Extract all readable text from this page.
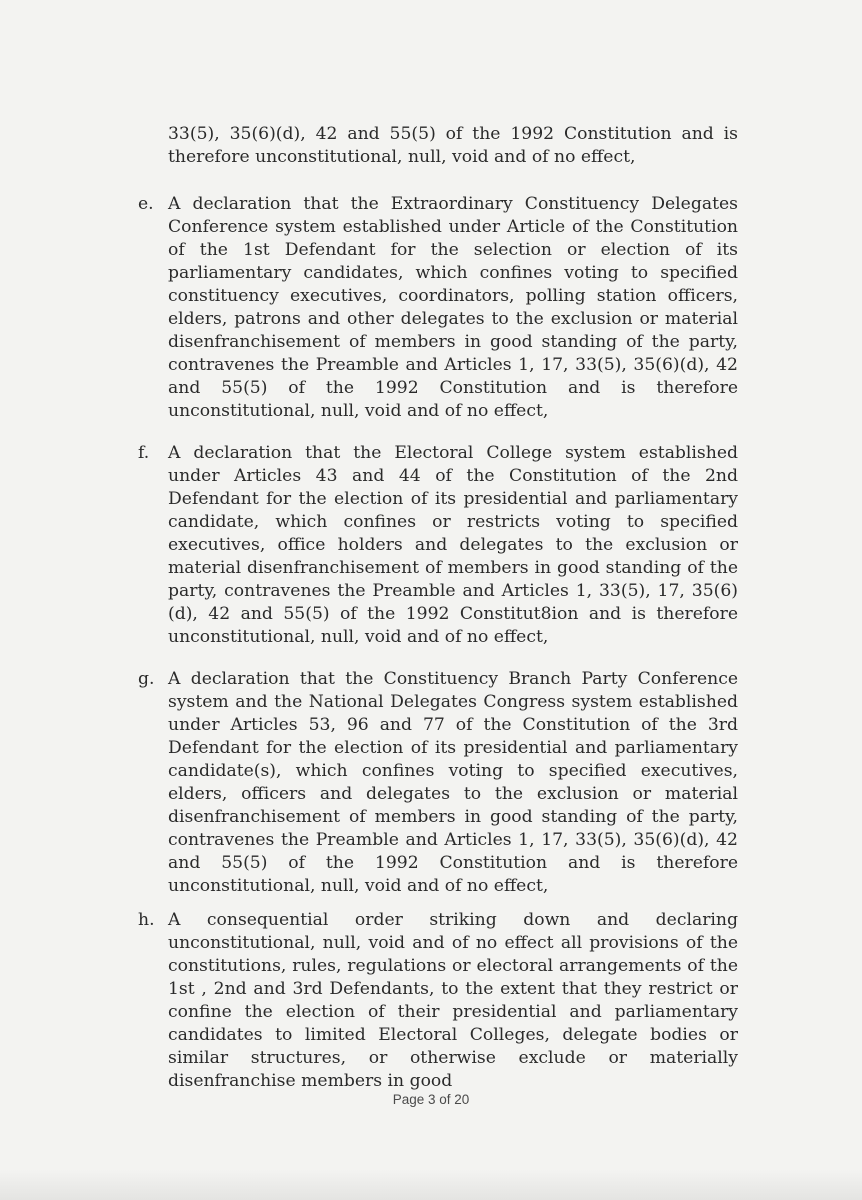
33(5), 35(6)(d), 42 and 55(5) of the 1992 Constitution and is therefore unconstitutional, null, void and of no effect,

e. A declaration that the Extraordinary Constituency Delegates Conference system established under Article of the Constitution of the 1st Defendant for the selection or election of its parliamentary candidates, which confines voting to specified constituency executives, coordinators, polling station officers, elders, patrons and other delegates to the exclusion or material disenfranchisement of members in good standing of the party, contravenes the Preamble and Articles 1, 17, 33(5), 35(6)(d), 42 and 55(5) of the 1992 Constitution and is therefore unconstitutional, null, void and of no effect,
f.	A declaration that the Electoral College system established under Articles 43 and 44 of the Constitution of the 2nd Defendant for the election of its presidential and parliamentary candidate, which confines or restricts voting to specified executives, office holders and delegates to the exclusion or material disenfranchisement of members in good standing of the party, contravenes the Preamble and Articles 1, 33(5), 17, 35(6)(d), 42 and 55(5) of the 1992 Constitut8ion and is therefore unconstitutional, null, void and of no effect,
g. A declaration that the Constituency Branch Party Conference system and the National Delegates Congress system established under Articles 53, 96 and 77 of the Constitution of the 3rd Defendant for the election of its presidential and parliamentary candidate(s), which confines voting to specified executives, elders, officers and delegates to the exclusion or material disenfranchisement of members in good standing of the party, contravenes the Preamble and Articles 1, 17, 33(5), 35(6)(d), 42 and 55(5) of the 1992 Constitution and is therefore unconstitutional, null, void and of no effect,
h. A consequential order striking down and declaring unconstitutional, null, void and of no effect all provisions of the constitutions, rules, regulations or electoral arrangements of the 1st , 2nd and 3rd Defendants, to the extent that they restrict or confine the election of their presidential and parliamentary candidates to limited Electoral Colleges, delegate bodies or similar structures, or otherwise exclude or materially disenfranchise members in good
Page 3 of 20
